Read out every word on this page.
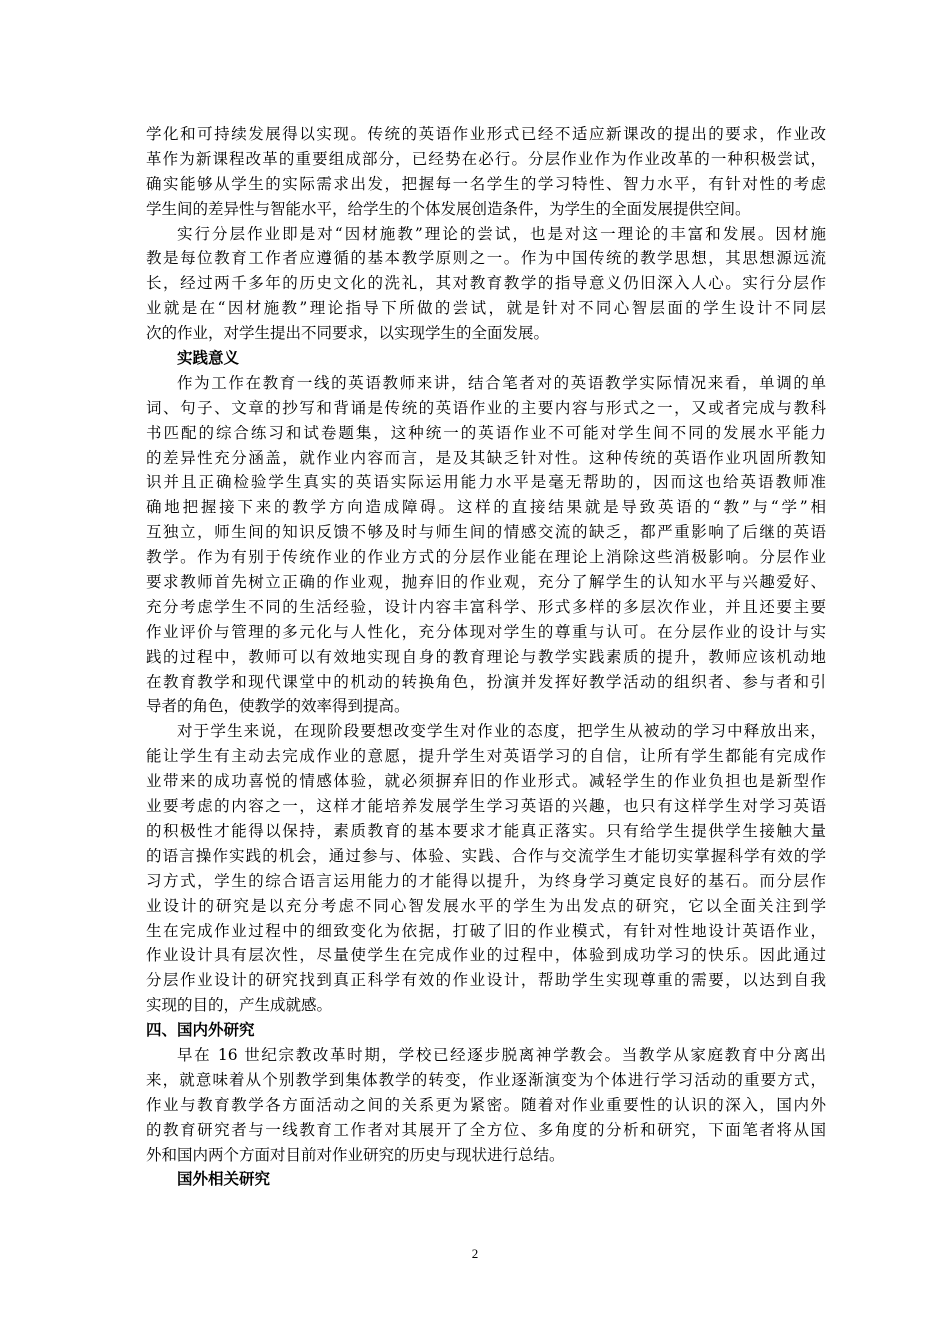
学化和可持续发展得以实现。传统的英语作业形式已经不适应新课改的提出的要求，作业改
革作为新课程改革的重要组成部分，已经势在必行。分层作业作为作业改革的一种积极尝试，
确实能够从学生的实际需求出发，把握每一名学生的学习特性、智力水平，有针对性的考虑
学生间的差异性与智能水平，给学生的个体发展创造条件，为学生的全面发展提供空间。
实行分层作业即是对“因材施教”理论的尝试，也是对这一理论的丰富和发展。因材施
教是每位教育工作者应遵循的基本教学原则之一。作为中国传统的教学思想，其思想源远流
长，经过两千多年的历史文化的洗礼，其对教育教学的指导意义仍旧深入人心。实行分层作
业就是在“因材施教”理论指导下所做的尝试，就是针对不同心智层面的学生设计不同层
次的作业，对学生提出不同要求，以实现学生的全面发展。
实践意义
作为工作在教育一线的英语教师来讲，结合笔者对的英语教学实际情况来看，单调的单
词、句子、文章的抄写和背诵是传统的英语作业的主要内容与形式之一，又或者完成与教科
书匹配的综合练习和试卷题集，这种统一的英语作业不可能对学生间不同的发展水平能力
的差异性充分涵盖，就作业内容而言，是及其缺乏针对性。这种传统的英语作业巩固所教知
识并且正确检验学生真实的英语实际运用能力水平是毫无帮助的，因而这也给英语教师准
确地把握接下来的教学方向造成障碍。这样的直接结果就是导致英语的“教”与“学”相
互独立，师生间的知识反馈不够及时与师生间的情感交流的缺乏，都严重影响了后继的英语
教学。作为有别于传统作业的作业方式的分层作业能在理论上消除这些消极影响。分层作业
要求教师首先树立正确的作业观，抛弃旧的作业观，充分了解学生的认知水平与兴趣爱好、
充分考虑学生不同的生活经验，设计内容丰富科学、形式多样的多层次作业，并且还要主要
作业评价与管理的多元化与人性化，充分体现对学生的尊重与认可。在分层作业的设计与实
践的过程中，教师可以有效地实现自身的教育理论与教学实践素质的提升，教师应该机动地
在教育教学和现代课堂中的机动的转换角色，扮演并发挥好教学活动的组织者、参与者和引
导者的角色，使教学的效率得到提高。
对于学生来说，在现阶段要想改变学生对作业的态度，把学生从被动的学习中释放出来，
能让学生有主动去完成作业的意愿，提升学生对英语学习的自信，让所有学生都能有完成作
业带来的成功喜悦的情感体验，就必须摒弃旧的作业形式。减轻学生的作业负担也是新型作
业要考虑的内容之一，这样才能培养发展学生学习英语的兴趣，也只有这样学生对学习英语
的积极性才能得以保持，素质教育的基本要求才能真正落实。只有给学生提供学生接触大量
的语言操作实践的机会，通过参与、体验、实践、合作与交流学生才能切实掌握科学有效的学
习方式，学生的综合语言运用能力的才能得以提升，为终身学习奠定良好的基石。而分层作
业设计的研究是以充分考虑不同心智发展水平的学生为出发点的研究，它以全面关注到学
生在完成作业过程中的细致变化为依据，打破了旧的作业模式，有针对性地设计英语作业，
作业设计具有层次性，尽量使学生在完成作业的过程中，体验到成功学习的快乐。因此通过
分层作业设计的研究找到真正科学有效的作业设计，帮助学生实现尊重的需要，以达到自我
实现的目的，产生成就感。
四、国内外研究
早在 16 世纪宗教改革时期，学校已经逐步脱离神学教会。当教学从家庭教育中分离出
来，就意味着从个别教学到集体教学的转变，作业逐渐演变为个体进行学习活动的重要方式，
作业与教育教学各方面活动之间的关系更为紧密。随着对作业重要性的认识的深入，国内外
的教育研究者与一线教育工作者对其展开了全方位、多角度的分析和研究，下面笔者将从国
外和国内两个方面对目前对作业研究的历史与现状进行总结。
国外相关研究
2
